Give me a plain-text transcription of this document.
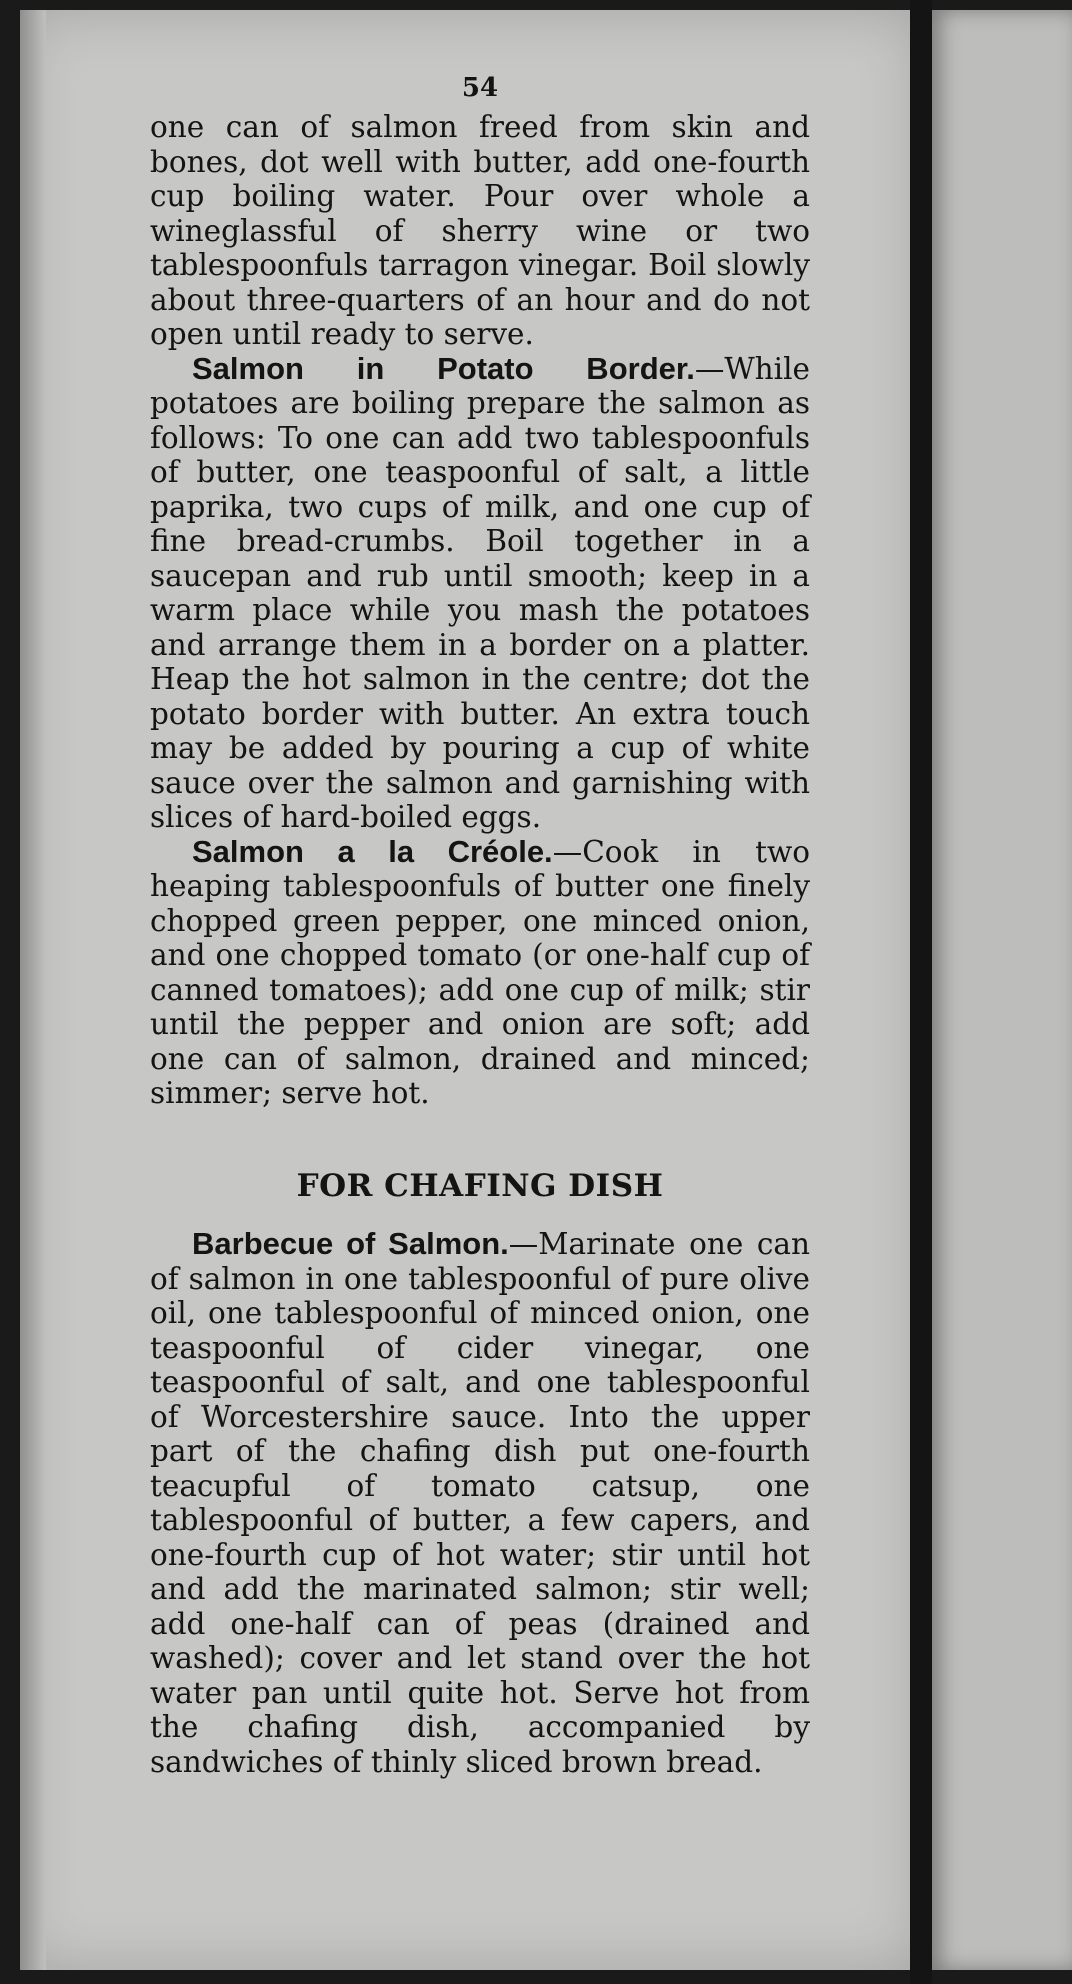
54

one can of salmon freed from skin and bones, dot well with butter, add one-fourth cup boiling water. Pour over whole a wineglassful of sherry wine or two tablespoonfuls tarragon vinegar. Boil slowly about three-quarters of an hour and do not open until ready to serve.

Salmon in Potato Border.—While potatoes are boiling prepare the salmon as follows: To one can add two tablespoonfuls of butter, one teaspoonful of salt, a little paprika, two cups of milk, and one cup of fine bread-crumbs. Boil together in a saucepan and rub until smooth; keep in a warm place while you mash the potatoes and arrange them in a border on a platter. Heap the hot salmon in the centre; dot the potato border with butter. An extra touch may be added by pouring a cup of white sauce over the salmon and garnishing with slices of hard-boiled eggs.

Salmon a la Créole.—Cook in two heaping tablespoonfuls of butter one finely chopped green pepper, one minced onion, and one chopped tomato (or one-half cup of canned tomatoes); add one cup of milk; stir until the pepper and onion are soft; add one can of salmon, drained and minced; simmer; serve hot.

FOR CHAFING DISH

Barbecue of Salmon.—Marinate one can of salmon in one tablespoonful of pure olive oil, one tablespoonful of minced onion, one teaspoonful of cider vinegar, one teaspoonful of salt, and one tablespoonful of Worcestershire sauce. Into the upper part of the chafing dish put one-fourth teacupful of tomato catsup, one tablespoonful of butter, a few capers, and one-fourth cup of hot water; stir until hot and add the marinated salmon; stir well; add one-half can of peas (drained and washed); cover and let stand over the hot water pan until quite hot. Serve hot from the chafing dish, accompanied by sandwiches of thinly sliced brown bread.
